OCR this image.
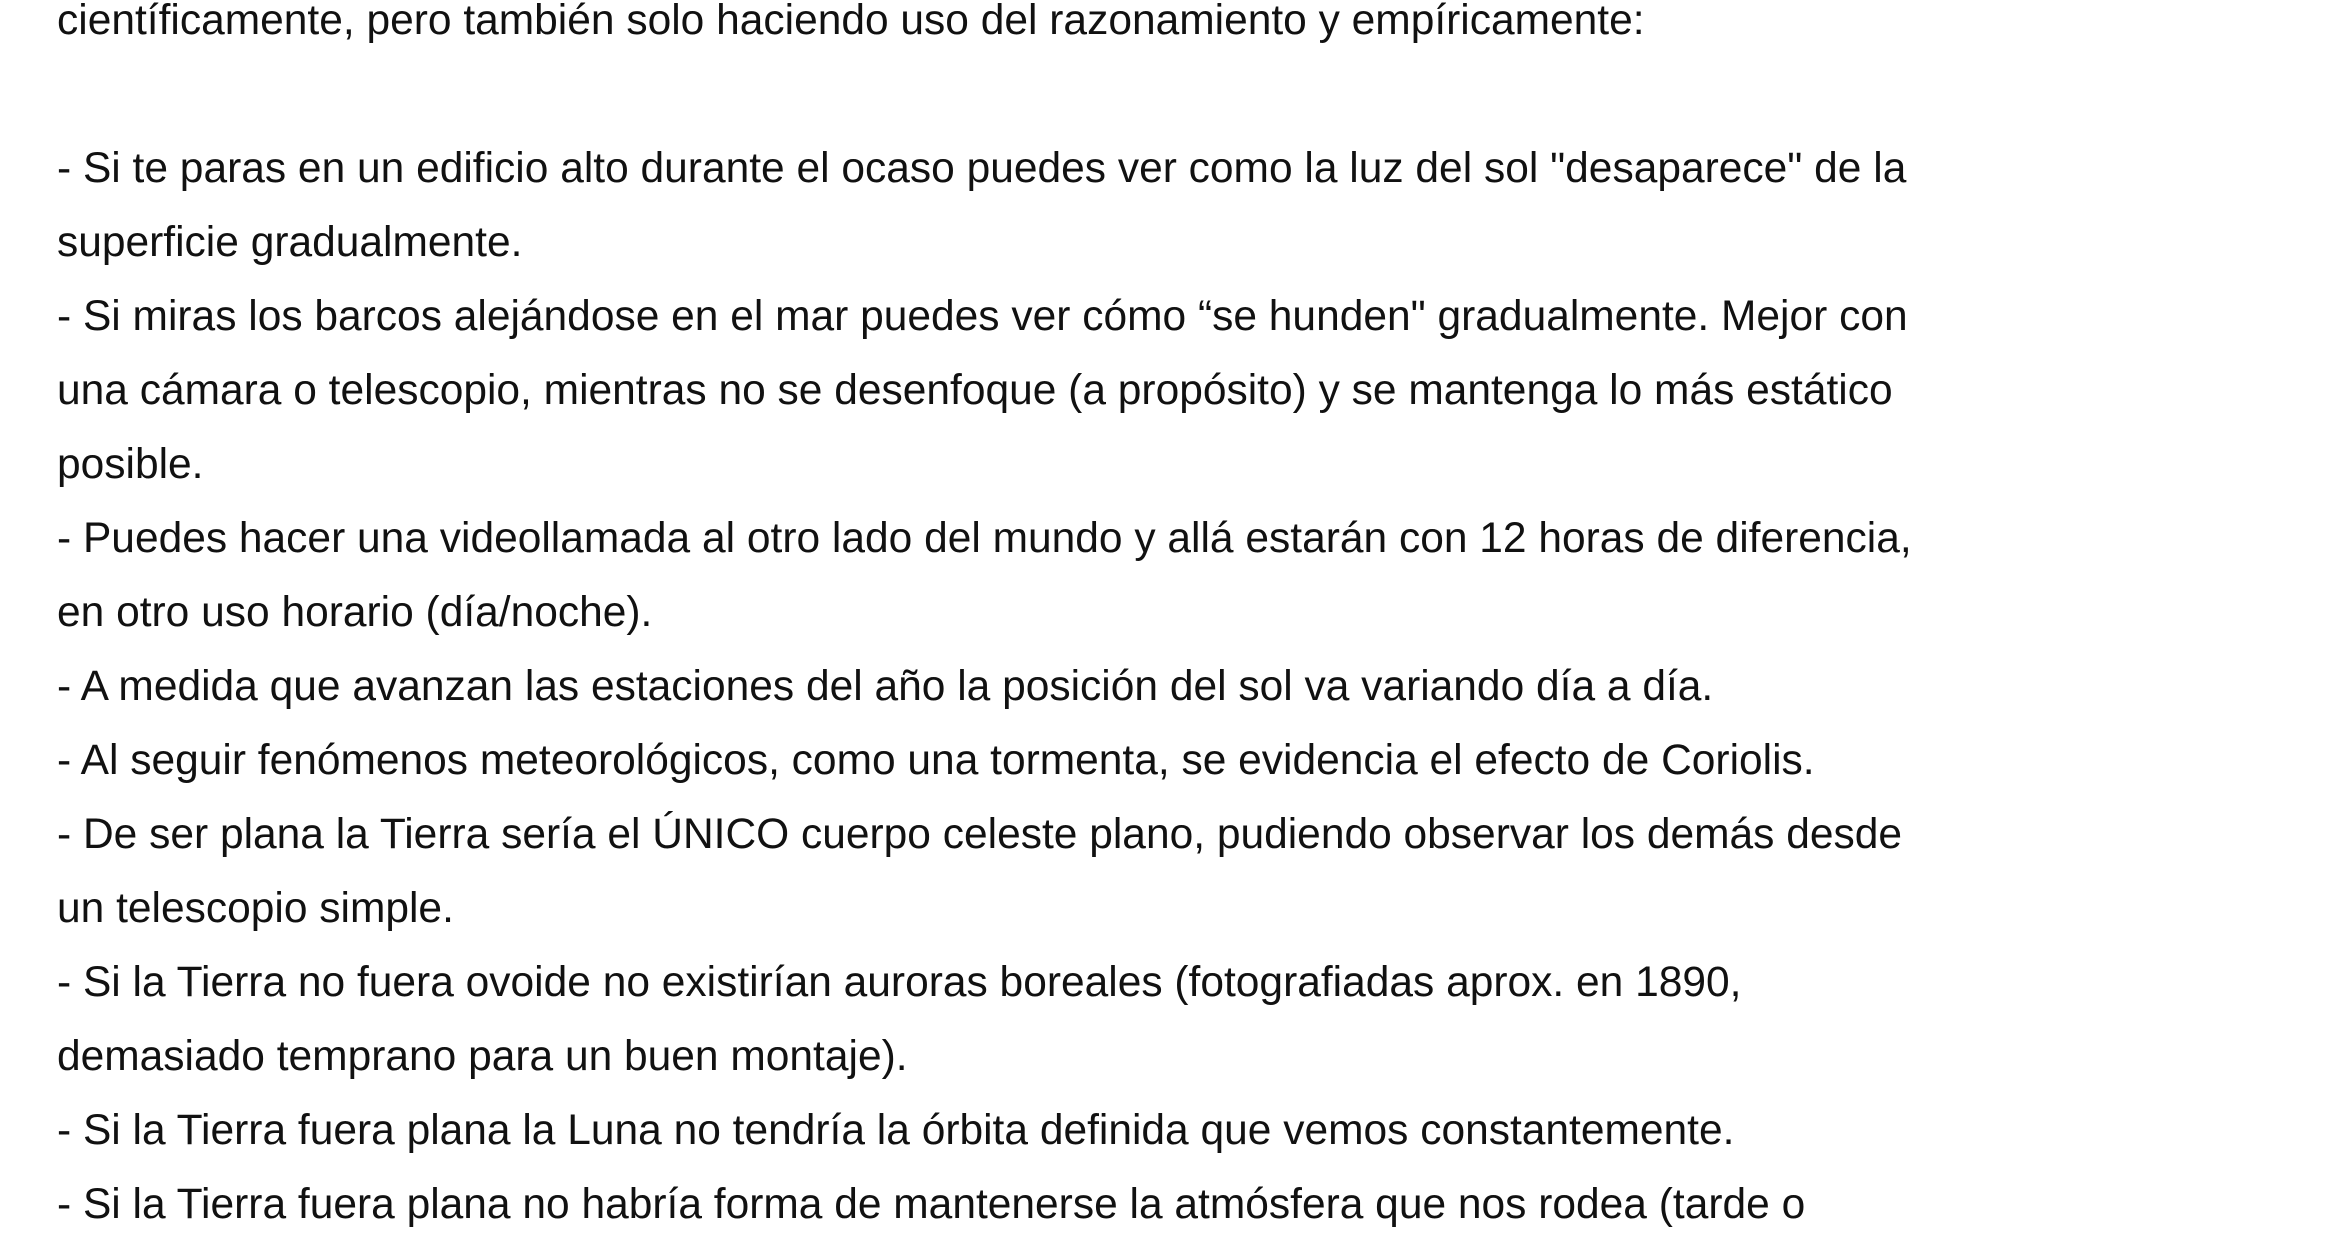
científicamente, pero también solo haciendo uso del razonamiento y empíricamente:
- Si te paras en un edificio alto durante el ocaso puedes ver como la luz del sol "desaparece" de la
superficie gradualmente.
- Si miras los barcos alejándose en el mar puedes ver cómo “se hunden" gradualmente. Mejor con
una cámara o telescopio, mientras no se desenfoque (a propósito) y se mantenga lo más estático
posible.
- Puedes hacer una videollamada al otro lado del mundo y allá estarán con 12 horas de diferencia,
en otro uso horario (día/noche).
- A medida que avanzan las estaciones del año la posición del sol va variando día a día.
- Al seguir fenómenos meteorológicos, como una tormenta, se evidencia el efecto de Coriolis.
- De ser plana la Tierra sería el ÚNICO cuerpo celeste plano, pudiendo observar los demás desde
un telescopio simple.
- Si la Tierra no fuera ovoide no existirían auroras boreales (fotografiadas aprox. en 1890,
demasiado temprano para un buen montaje).
- Si la Tierra fuera plana la Luna no tendría la órbita definida que vemos constantemente.
- Si la Tierra fuera plana no habría forma de mantenerse la atmósfera que nos rodea (tarde o
